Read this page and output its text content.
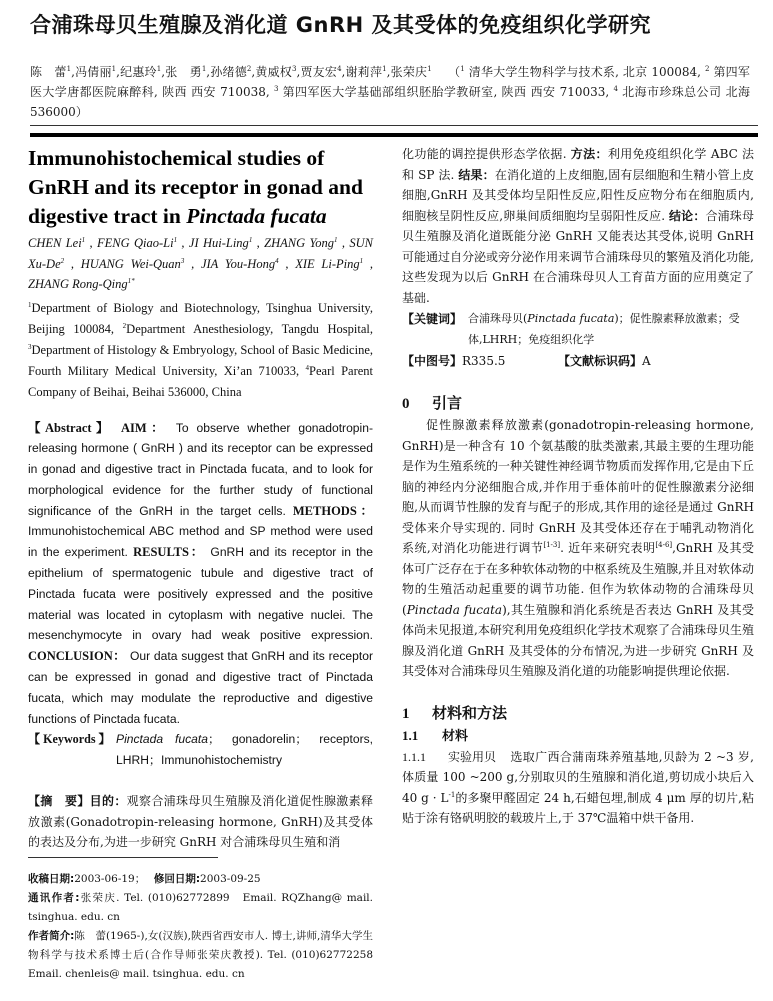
合浦珠母贝生殖腺及消化道 GnRH 及其受体的免疫组织化学研究
陈　蕾$^1$,冯倩丽$^1$,纪惠玲$^1$,张　勇$^1$,孙绪德$^2$,黄威权$^3$,贾友宏$^4$,谢莉萍$^1$,张荣庆$^1$　 （$^1$ 清华大学生物科学与技术系, 北京 100084, $^2$ 第四军医大学唐都医院麻醉科, 陕西 西安 710038, $^3$ 第四军医大学基础部组织胚胎学教研室, 陕西 西安 710033, $^4$ 北海市珍珠总公司 北海 536000）
Immunohistochemical studies of GnRH and its receptor in gonad and digestive tract in Pinctada fucata
CHEN Lei$^1$ , FENG Qiao-Li$^1$ , JI Hui-Ling$^1$ , ZHANG Yong$^1$ , SUN Xu-De$^2$ , HUANG Wei-Quan$^3$ , JIA You-Hong$^4$ , XIE Li-Ping$^1$ , ZHANG Rong-Qing$^{1*}$
$^1$Department of Biology and Biotechnology, Tsinghua University, Beijing 100084, $^2$Department Anesthesiology, Tangdu Hospital, $^3$Department of Histology & Embryology, School of Basic Medicine, Fourth Military Medical University, Xi’an 710033, $^4$Pearl Parent Company of Beihai, Beihai 536000, China
【Abstract】 AIM： To observe whether gonadotropin-releasing hormone ( GnRH ) and its receptor can be expressed in gonad and digestive tract in Pinctada fucata, and to look for morphological evidence for the further study of functional significance of the GnRH in the target cells. METHODS： Immunohistochemical ABC method and SP method were used in the experiment. RESULTS： GnRH and its receptor in the epithelium of spermatogenic tubule and digestive tract of Pinctada fucata were positively expressed and the positive material was located in cytoplasm with negative nuclei. The mesenchymocyte in ovary had weak positive expression. CONCLUSION： Our data suggest that GnRH and its receptor can be expressed in gonad and digestive tract of Pinctada fucata, which may modulate the reproductive and digestive functions of Pinctada fucata.
【 Keywords 】 Pinctada fucata； gonadorelin； receptors, LHRH；Immunohistochemistry
【摘　要】目的：观察合浦珠母贝生殖腺及消化道促性腺激素释放激素(Gonadotropin-releasing hormone, GnRH)及其受体的表达及分布,为进一步研究 GnRH 对合浦珠母贝生殖和消
收稿日期:2003-06-19；　 修回日期:2003-09-25
通讯作者:张荣庆. Tel. (010)62772899　Email. RQZhang@ mail. tsinghua. edu. cn
作者简介:陈　蕾(1965-),女(汉族),陕西省西安市人. 博士,讲师,清华大学生物科学与技术系博士后(合作导师张荣庆教授). Tel. (010)62772258　Email. chenleis@ mail. tsinghua. edu. cn
化功能的调控提供形态学依据. 方法：利用免疫组织化学 ABC 法和 SP 法. 结果：在消化道的上皮细胞,固有层细胞和生精小管上皮细胞,GnRH 及其受体均呈阳性反应,阳性反应物分布在细胞质内,细胞核呈阴性反应,卵巢间质细胞均呈弱阳性反应. 结论：合浦珠母贝生殖腺及消化道既能分泌 GnRH 又能表达其受体,说明 GnRH 可能通过自分泌或旁分泌作用来调节合浦珠母贝的繁殖及消化功能,这些发现为以后 GnRH 在合浦珠母贝人工育苗方面的应用奠定了基础.
【关键词】 合浦珠母贝(Pinctada fucata)；促性腺素释放激素；受体,LHRH；免疫组织化学
【中图号】 R335.5	【文献标识码】 A
0 引言
促性腺激素释放激素(gonadotropin-releasing hormone, GnRH)是一种含有 10 个氨基酸的肽类激素,其最主要的生理功能是作为生殖系统的一种关键性神经调节物质而发挥作用,它是由下丘脑的神经内分泌细胞合成,并作用于垂体前叶的促性腺激素分泌细胞,从而调节性腺的发育与配子的形成,其作用的途径是通过 GnRH 受体来介导实现的. 同时 GnRH 及其受体还存在于哺乳动物消化系统,对消化功能进行调节[1-3]. 近年来研究表明[4-6],GnRH 及其受体可广泛存在于在多种软体动物的中枢系统及生殖腺,并且对软体动物的生殖活动起重要的调节功能. 但作为软体动物的合浦珠母贝(Pinctada fucata),其生殖腺和消化系统是否表达 GnRH 及其受体尚未见报道,本研究利用免疫组织化学技术观察了合浦珠母贝生殖腺及消化道 GnRH 及其受体的分布情况,为进一步研究 GnRH 及其受体对合浦珠母贝生殖腺及消化道的功能影响提供理论依据.
1 材料和方法
1.1 材料
1.1.1 实验用贝 选取广西合蒲南珠养殖基地,贝龄为 2 ~3 岁,体质量 100 ~200 g,分别取贝的生殖腺和消化道,剪切成小块后入 40 $g \cdot L^{-1}$的多聚甲醛固定 24 h,石蜡包埋,制成 4 μm 厚的切片,粘贴于涂有铬矾明胶的载玻片上,于 37℃温箱中烘干备用.
